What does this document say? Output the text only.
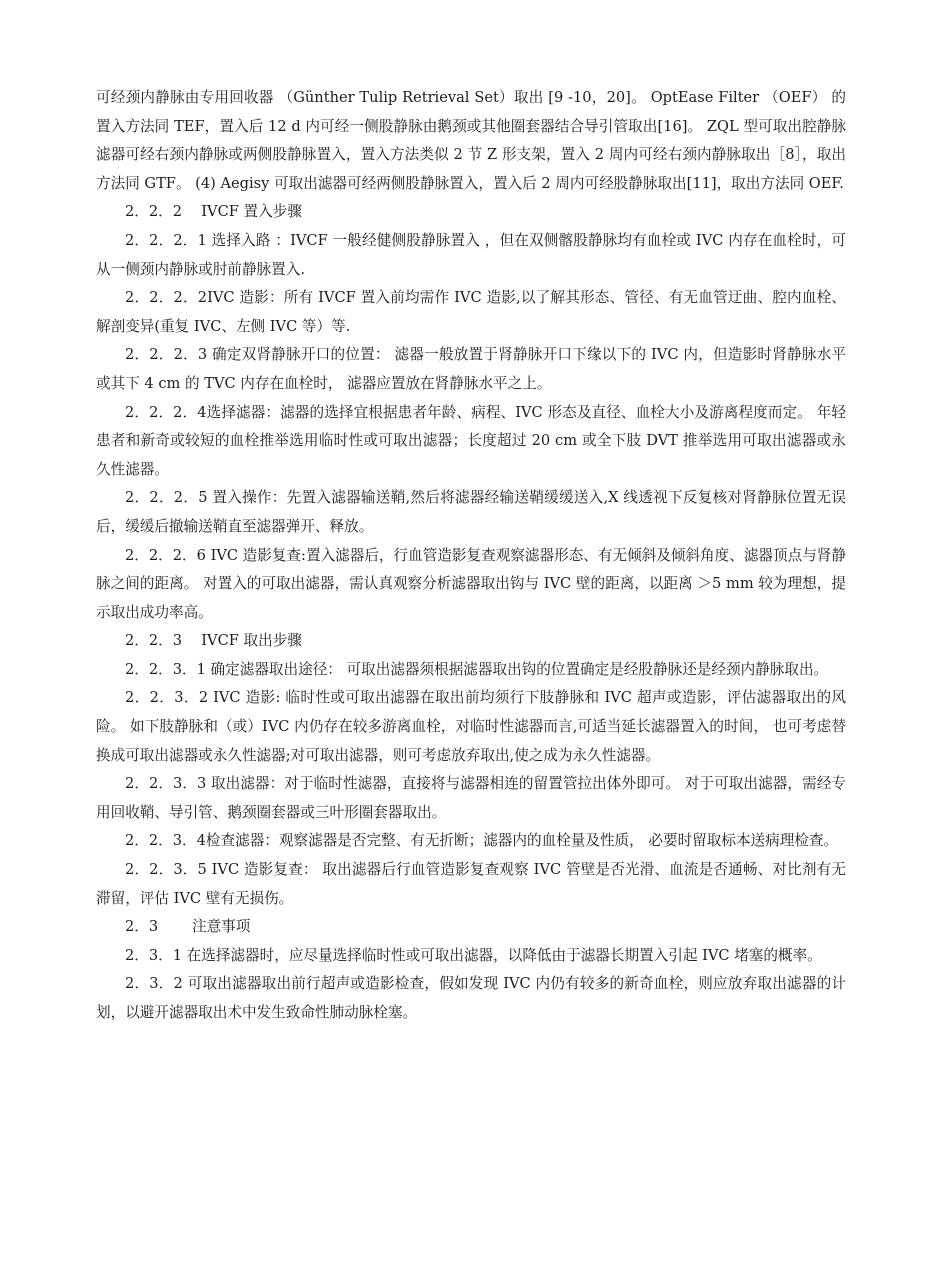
可经颈内静脉由专用回收器 （Günther Tulip Retrieval Set）取出 [9 -10，20]。 OptEase Filter （OEF） 的置入方法同 TEF，置入后 12 d 内可经一侧股静脉由鹅颈或其他圈套器结合导引管取出[16]。 ZQL 型可取出腔静脉滤器可经右颈内静脉或两侧股静脉置入，置入方法类似 2 节 Z 形支架，置入 2 周内可经右颈内静脉取出［8］，取出方法同 GTF。 (4) Aegisy 可取出滤器可经两侧股静脉置入，置入后 2 周内可经股静脉取出[11]，取出方法同 OEF.

2．2．2　 IVCF 置入步骤

2．2．2．1 选择入路 ：IVCF 一般经健侧股静脉置入 ，但在双侧髂股静脉均有血栓或 IVC 内存在血栓时，可从一侧颈内静脉或肘前静脉置入.

2．2．2．2IVC 造影：所有 IVCF 置入前均需作 IVC 造影,以了解其形态、管径、有无血管迂曲、腔内血栓、解剖变异(重复 IVC、左侧 IVC 等）等.

2．2．2．3 确定双肾静脉开口的位置： 滤器一般放置于肾静脉开口下缘以下的 IVC 内，但造影时肾静脉水平或其下 4 cm 的 TVC 内存在血栓时， 滤器应置放在肾静脉水平之上。

2．2．2．4选择滤器：滤器的选择宜根据患者年龄、病程、IVC 形态及直径、血栓大小及游离程度而定。 年轻患者和新奇或较短的血栓推举选用临时性或可取出滤器；长度超过 20 cm 或全下肢 DVT 推举选用可取出滤器或永久性滤器。

2．2．2．5 置入操作：先置入滤器输送鞘,然后将滤器经输送鞘缓缓送入,X 线透视下反复核对肾静脉位置无误后，缓缓后撤输送鞘直至滤器弹开、释放。

2．2．2．6 IVC 造影复查:置入滤器后，行血管造影复查观察滤器形态、有无倾斜及倾斜角度、滤器顶点与肾静脉之间的距离。 对置入的可取出滤器，需认真观察分析滤器取出钩与 IVC 壁的距离，以距离 ＞5 mm 较为理想，提示取出成功率高。

2．2．3　 IVCF 取出步骤

2．2．3．1 确定滤器取出途径： 可取出滤器须根据滤器取出钩的位置确定是经股静脉还是经颈内静脉取出。

2．2．3．2 IVC 造影: 临时性或可取出滤器在取出前均须行下肢静脉和 IVC 超声或造影，评估滤器取出的风险。 如下肢静脉和（或）IVC 内仍存在较多游离血栓，对临时性滤器而言,可适当延长滤器置入的时间， 也可考虑替换成可取出滤器或永久性滤器;对可取出滤器，则可考虑放弃取出,使之成为永久性滤器。

2．2．3．3 取出滤器：对于临时性滤器，直接将与滤器相连的留置管拉出体外即可。 对于可取出滤器，需经专用回收鞘、导引管、鹅颈圈套器或三叶形圈套器取出。

2．2．3．4检查滤器：观察滤器是否完整、有无折断；滤器内的血栓量及性质， 必要时留取标本送病理检查。

2．2．3．5 IVC 造影复查： 取出滤器后行血管造影复查观察 IVC 管壁是否光滑、血流是否通畅、对比剂有无滞留，评估 IVC 壁有无损伤。

2．3　　 注意事项

2．3．1 在选择滤器时，应尽量选择临时性或可取出滤器，以降低由于滤器长期置入引起 IVC 堵塞的概率。

2．3．2 可取出滤器取出前行超声或造影检查，假如发现 IVC 内仍有较多的新奇血栓，则应放弃取出滤器的计划，以避开滤器取出术中发生致命性肺动脉栓塞。
